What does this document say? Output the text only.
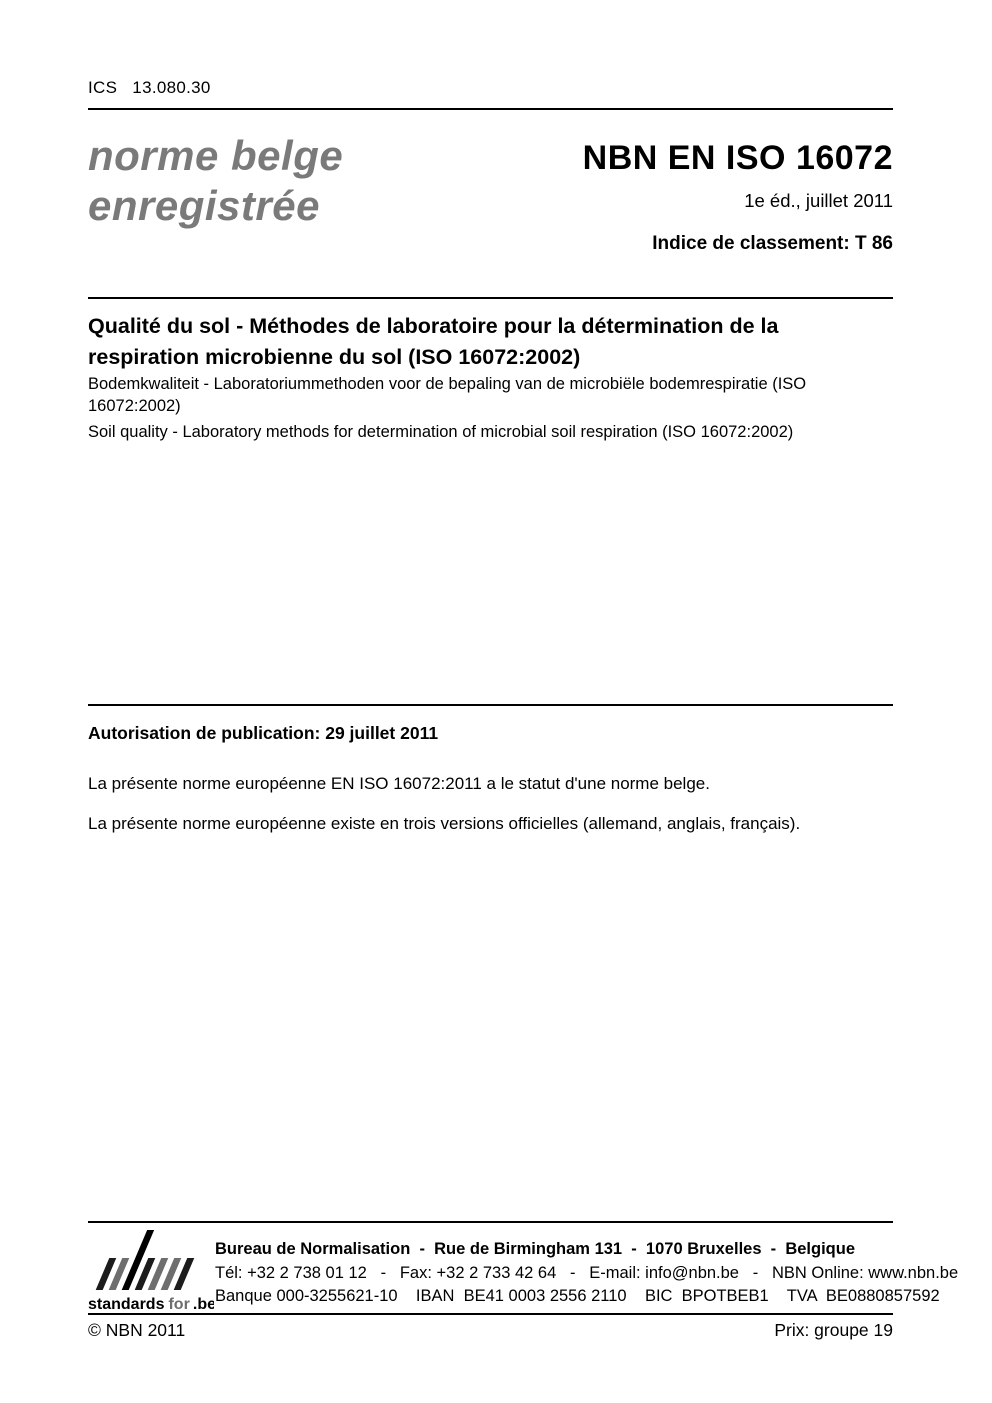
ICS   13.080.30
norme belge
enregistrée
NBN EN ISO 16072
1e éd., juillet 2011
Indice de classement: T 86
Qualité du sol - Méthodes de laboratoire pour la détermination de la respiration microbienne du sol (ISO 16072:2002)
Bodemkwaliteit - Laboratoriummethoden voor de bepaling van de microbiële bodemrespiratie (ISO 16072:2002)
Soil quality - Laboratory methods for determination of microbial soil respiration (ISO 16072:2002)
Autorisation de publication: 29 juillet 2011
La présente norme européenne EN ISO 16072:2011 a le statut d'une norme belge.
La présente norme européenne existe en trois versions officielles (allemand, anglais, français).
standards for .be
Bureau de Normalisation  -  Rue de Birmingham 131  -  1070 Bruxelles  -  Belgique
Tél: +32 2 738 01 12   -   Fax: +32 2 733 42 64   -   E-mail: info@nbn.be   -   NBN Online: www.nbn.be
Banque 000-3255621-10    IBAN  BE41 0003 2556 2110    BIC  BPOTBEB1    TVA  BE0880857592
© NBN 2011	Prix: groupe 19
